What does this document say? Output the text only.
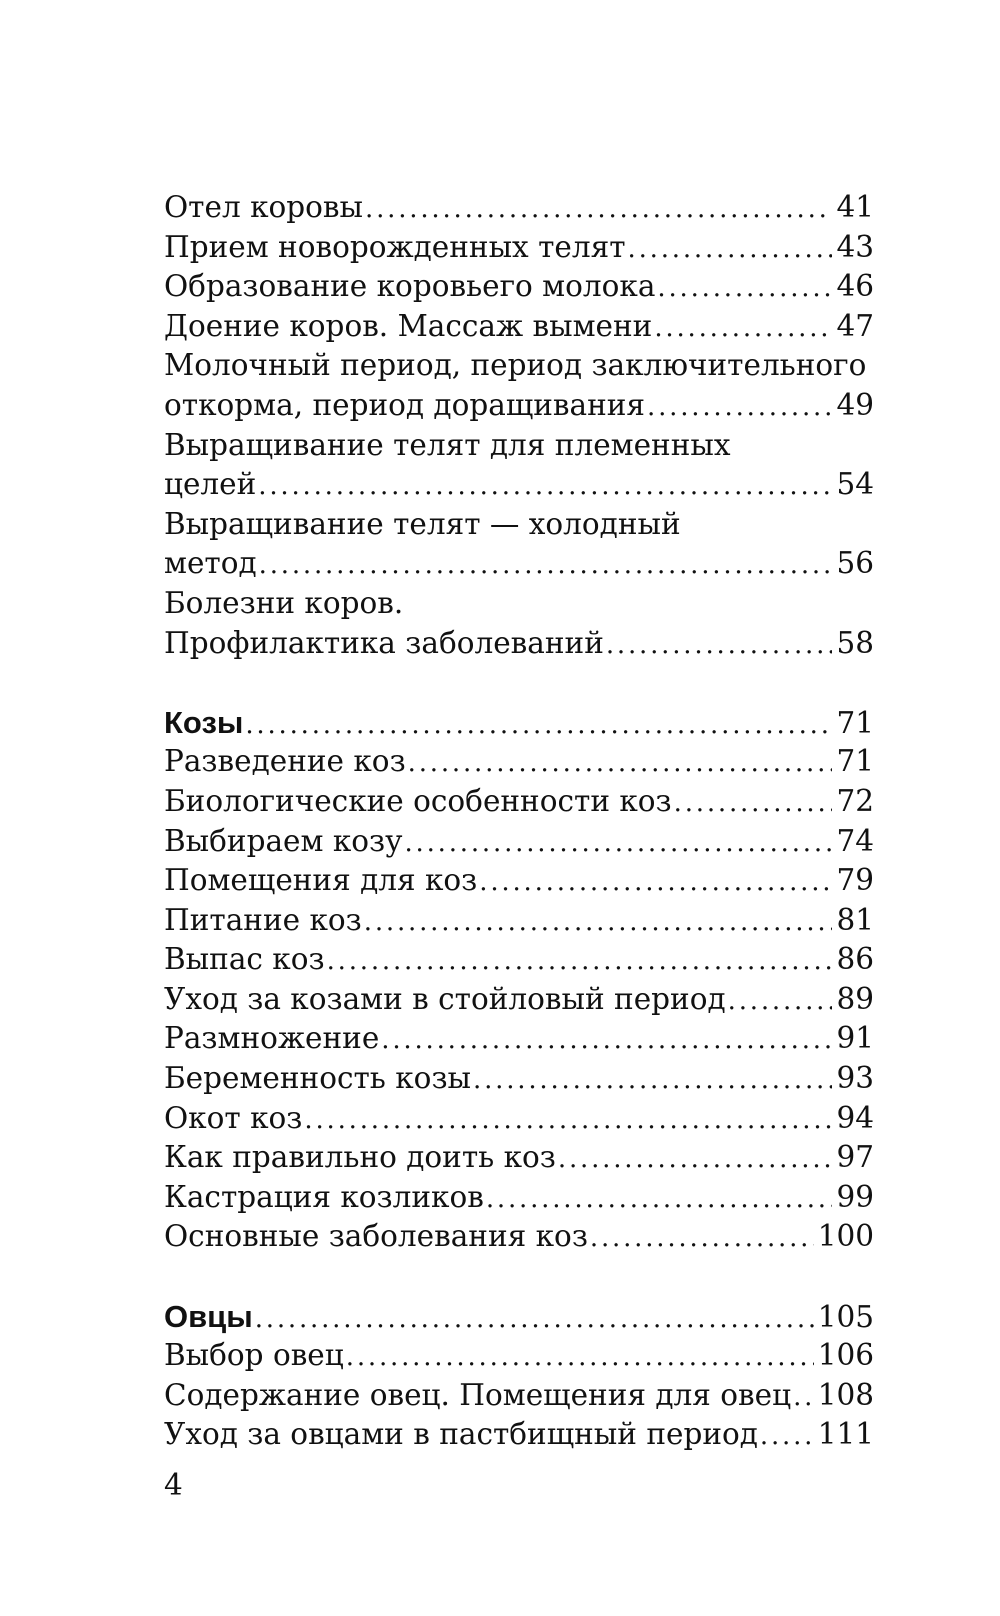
Отел коровы .....	41
Прием новорожденных телят .....	43
Образование коровьего молока .....	46
Доение коров. Массаж вымени .....	47
Молочный период, период заключительного
откорма, период доращивания .....	49
Выращивание телят для племенных
целей .....	54
Выращивание телят — холодный
метод .....	56
Болезни коров.
Профилактика заболеваний .....	58
Козы .....	71
Разведение коз .....	71
Биологические особенности коз .....	72
Выбираем козу .....	74
Помещения для коз .....	79
Питание коз .....	81
Выпас коз .....	86
Уход за козами в стойловый период .....	89
Размножение .....	91
Беременность козы .....	93
Окот коз .....	94
Как правильно доить коз .....	97
Кастрация козликов .....	99
Основные заболевания коз .....	100
Овцы .....	105
Выбор овец .....	106
Содержание овец. Помещения для овец ..... 108
Уход за овцами в пастбищный период ..... 111
4
